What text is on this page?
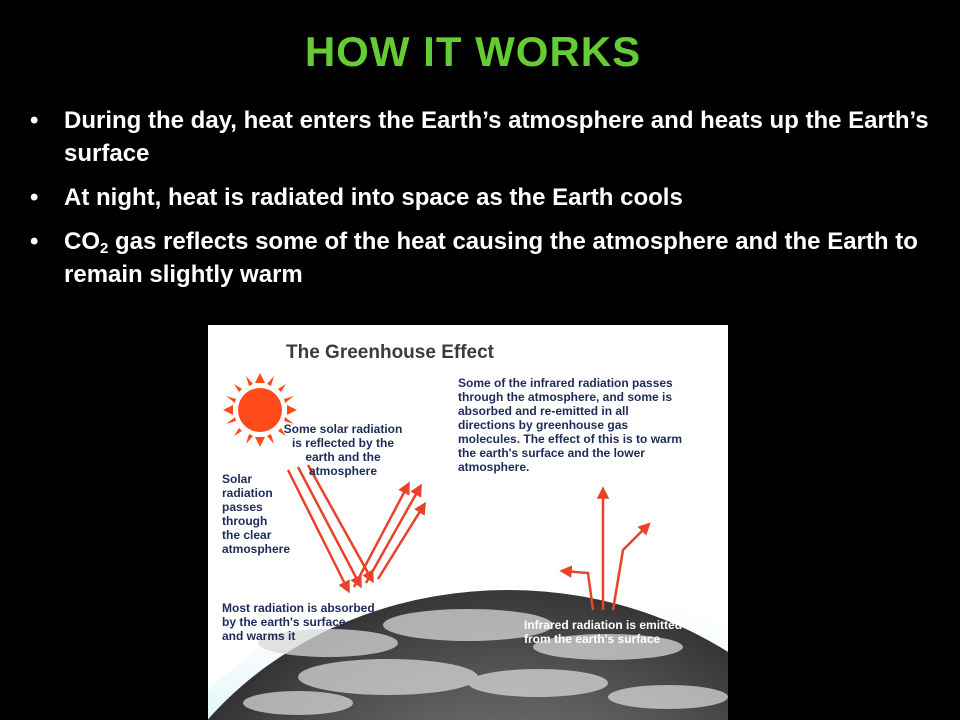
HOW IT WORKS
• During the day, heat enters the Earth’s atmosphere and heats up the Earth’s surface
• At night, heat is radiated into space as the Earth cools
• $CO_2$ gas reflects some of the heat causing the atmosphere and the Earth to remain slightly warm
The Greenhouse Effect
Some solar radiation
is reflected by the
earth and the
atmosphere
Solar
radiation
passes
through
the clear
atmosphere
Some of the infrared radiation passes
through the atmosphere, and some is
absorbed and re-emitted in all
directions by greenhouse gas
molecules. The effect of this is to warm
the earth's surface and the lower
atmosphere.
Most radiation is absorbed
by the earth's surface
and warms it
Infrared radiation is emitted
from the earth's surface
